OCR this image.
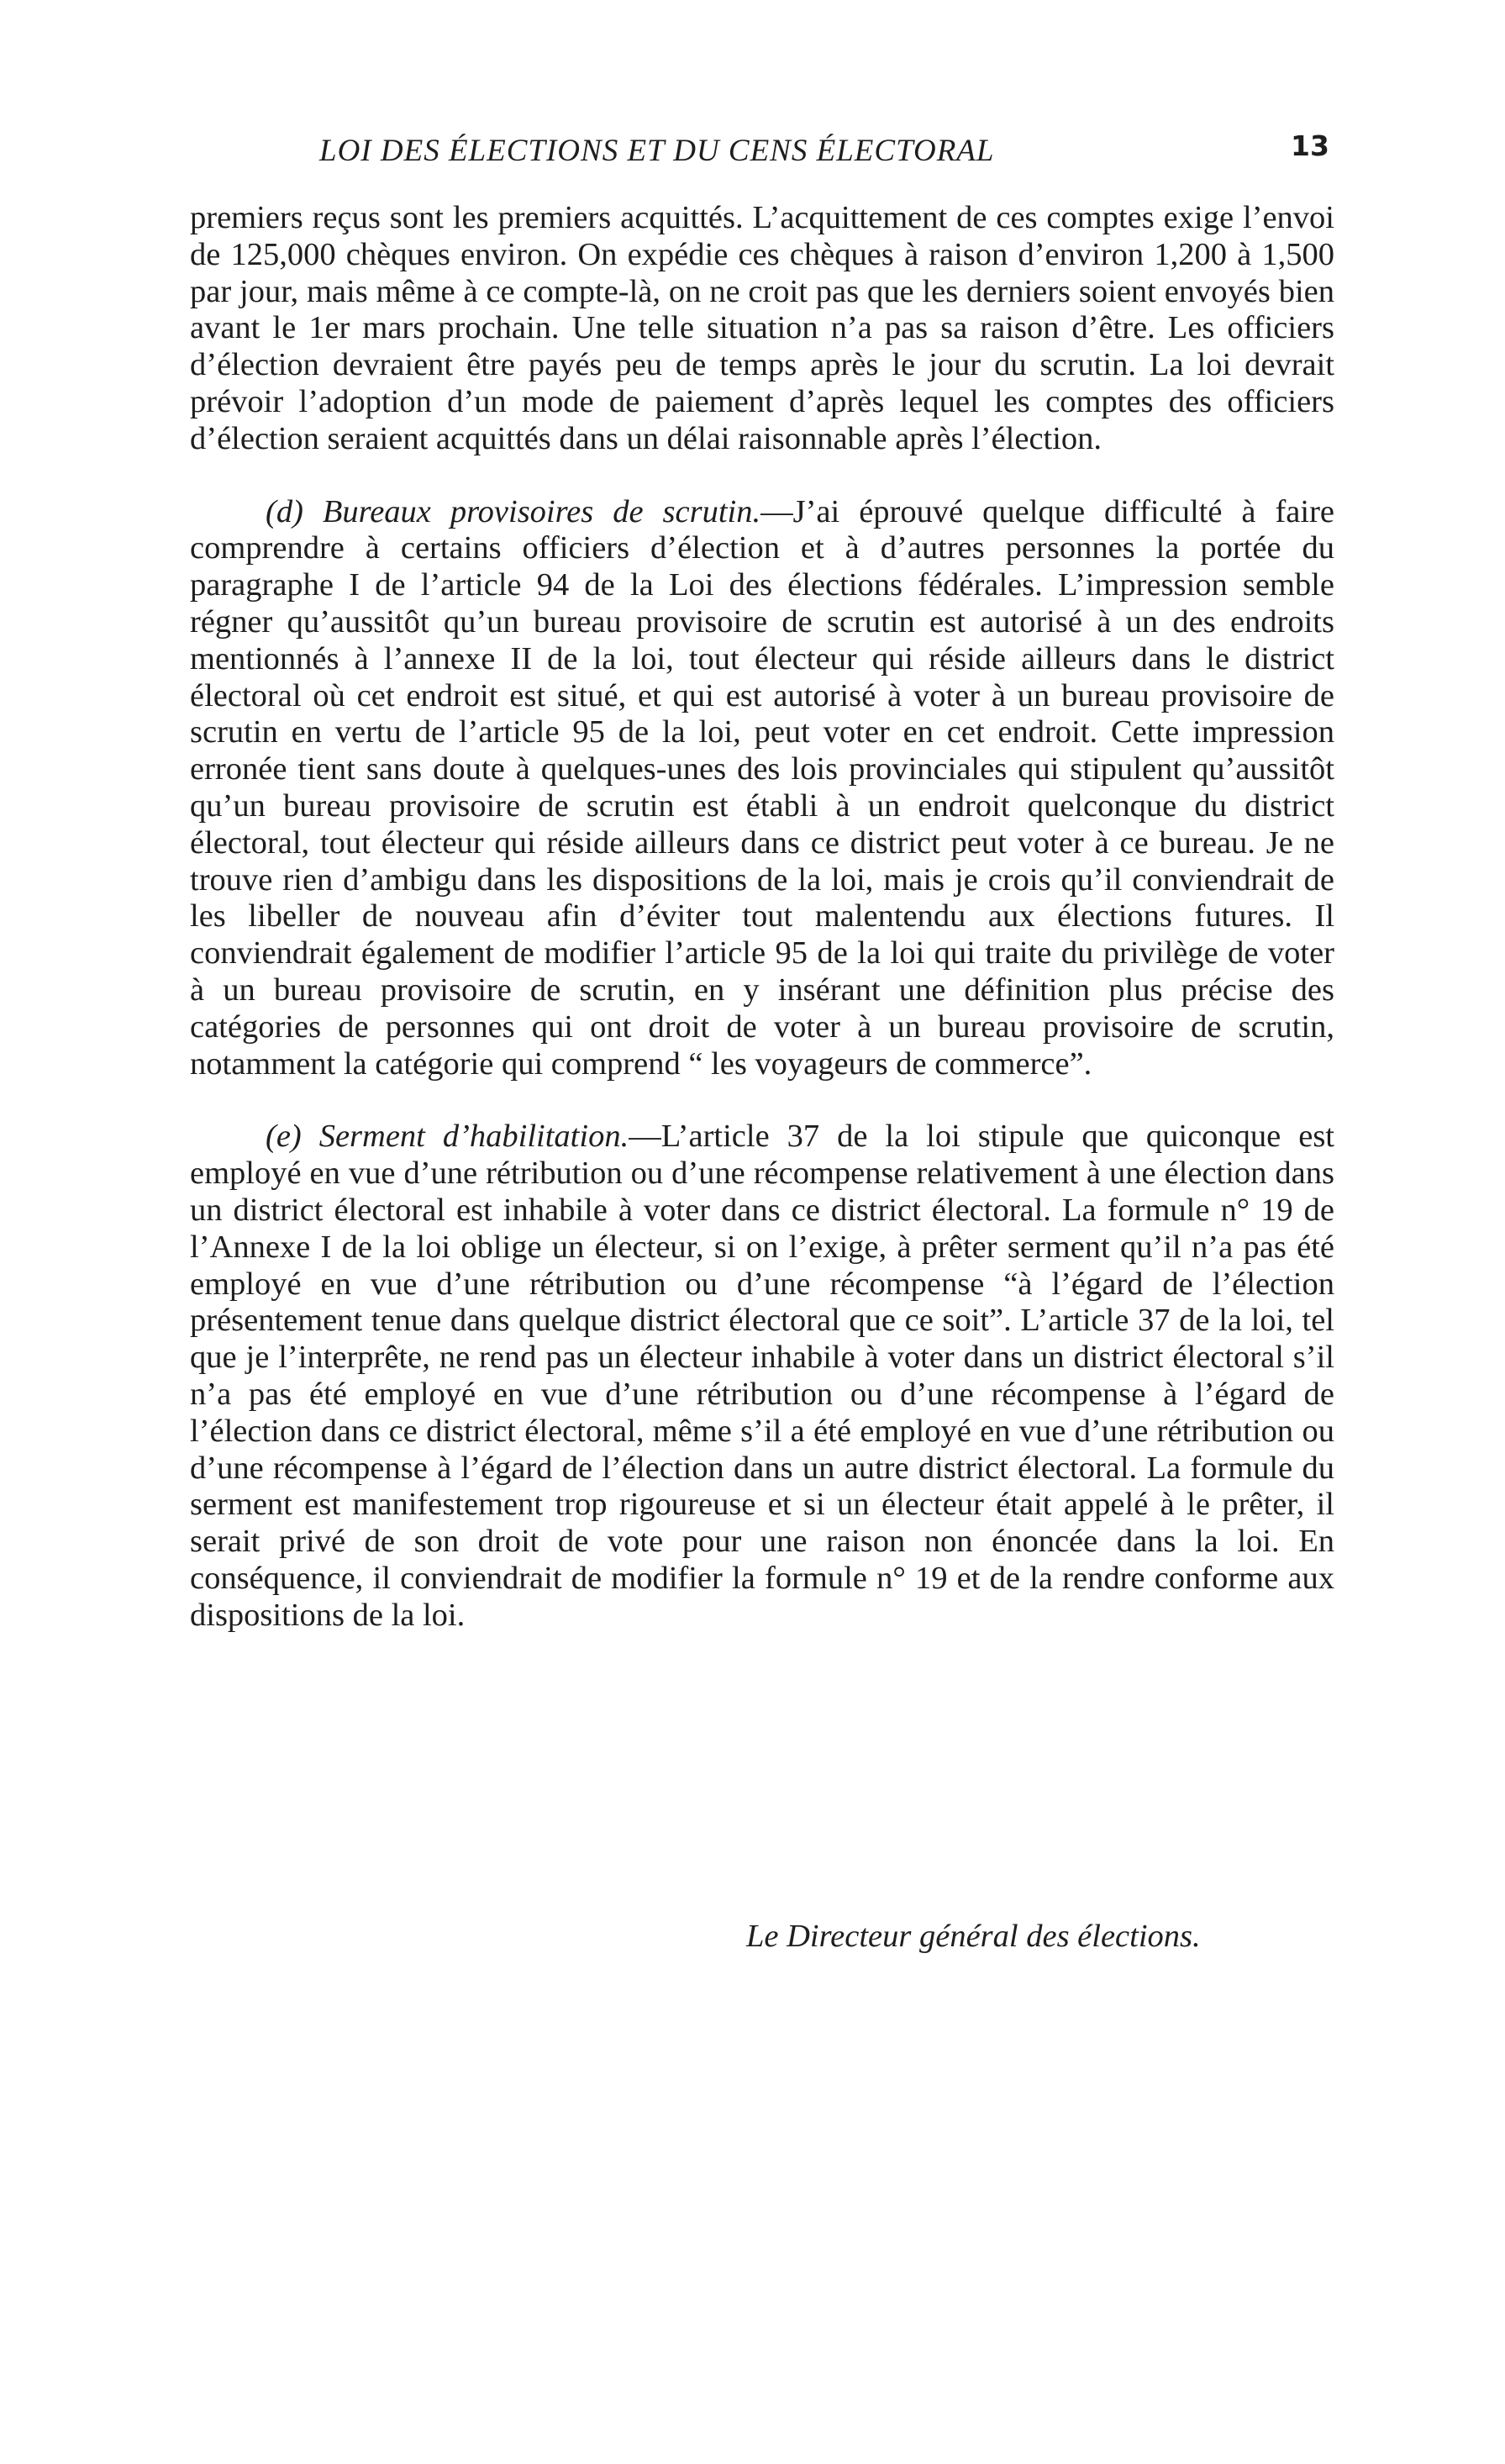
LOI DES ÉLECTIONS ET DU CENS ÉLECTORAL	13

premiers reçus sont les premiers acquittés. L’acquittement de ces comptes exige l’envoi de 125,000 chèques environ. On expédie ces chèques à raison d’environ 1,200 à 1,500 par jour, mais même à ce compte-là, on ne croit pas que les derniers soient envoyés bien avant le 1er mars prochain. Une telle situation n’a pas sa raison d’être. Les officiers d’élection devraient être payés peu de temps après le jour du scrutin. La loi devrait prévoir l’adoption d’un mode de paiement d’après lequel les comptes des officiers d’élection seraient acquittés dans un délai raisonnable après l’élection.

(d) Bureaux provisoires de scrutin.—J’ai éprouvé quelque difficulté à faire comprendre à certains officiers d’élection et à d’autres personnes la portée du paragraphe I de l’article 94 de la Loi des élections fédérales. L’impression semble régner qu’aussitôt qu’un bureau provisoire de scrutin est autorisé à un des endroits mentionnés à l’annexe II de la loi, tout électeur qui réside ailleurs dans le district électoral où cet endroit est situé, et qui est autorisé à voter à un bureau provisoire de scrutin en vertu de l’article 95 de la loi, peut voter en cet endroit. Cette impression erronée tient sans doute à quelques-unes des lois provinciales qui stipulent qu’aussitôt qu’un bureau provisoire de scrutin est établi à un endroit quelconque du district électoral, tout électeur qui réside ailleurs dans ce district peut voter à ce bureau. Je ne trouve rien d’ambigu dans les dispositions de la loi, mais je crois qu’il conviendrait de les libeller de nouveau afin d’éviter tout malentendu aux élections futures. Il conviendrait également de modifier l’article 95 de la loi qui traite du privilège de voter à un bureau provisoire de scrutin, en y insérant une définition plus précise des catégories de personnes qui ont droit de voter à un bureau provisoire de scrutin, notamment la catégorie qui comprend “ les voyageurs de commerce”.

(e) Serment d’habilitation.—L’article 37 de la loi stipule que quiconque est employé en vue d’une rétribution ou d’une récompense relativement à une élection dans un district électoral est inhabile à voter dans ce district électoral. La formule n° 19 de l’Annexe I de la loi oblige un électeur, si on l’exige, à prêter serment qu’il n’a pas été employé en vue d’une rétribution ou d’une récompense “à l’égard de l’élection présentement tenue dans quelque district électoral que ce soit”. L’article 37 de la loi, tel que je l’interprête, ne rend pas un électeur inhabile à voter dans un district électoral s’il n’a pas été employé en vue d’une rétribution ou d’une récompense à l’égard de l’élection dans ce district électoral, même s’il a été employé en vue d’une rétribution ou d’une récompense à l’égard de l’élection dans un autre district électoral. La formule du serment est manifestement trop rigoureuse et si un électeur était appelé à le prêter, il serait privé de son droit de vote pour une raison non énoncée dans la loi. En conséquence, il conviendrait de modifier la formule n° 19 et de la rendre conforme aux dispositions de la loi.

Le Directeur général des élections.
